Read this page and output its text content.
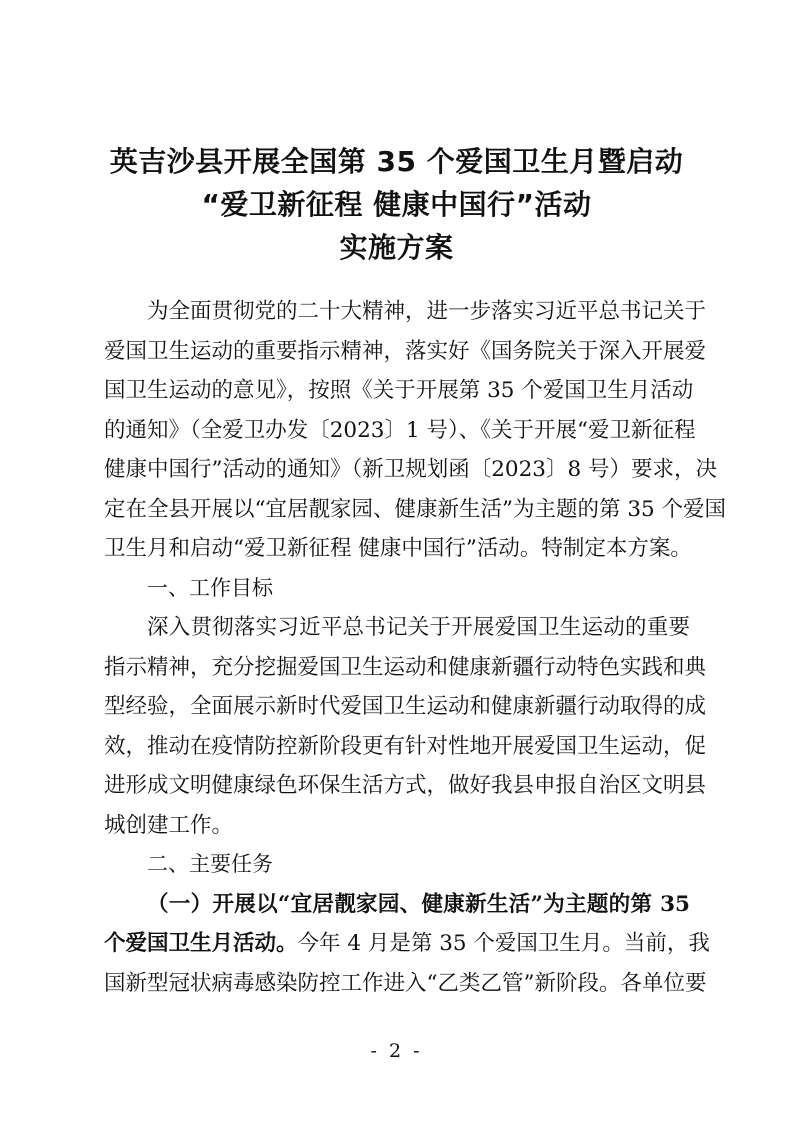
英吉沙县开展全国第 35 个爱国卫生月暨启动
“爱卫新征程 健康中国行”活动
实施方案
为全面贯彻党的二十大精神，进一步落实习近平总书记关于
爱国卫生运动的重要指示精神，落实好《国务院关于深入开展爱
国卫生运动的意见》，按照《关于开展第 35 个爱国卫生月活动
的通知》（全爱卫办发〔2023〕1 号）、《关于开展“爱卫新征程
健康中国行”活动的通知》（新卫规划函〔2023〕8 号）要求，决
定在全县开展以“宜居靓家园、健康新生活”为主题的第 35 个爱国
卫生月和启动“爱卫新征程 健康中国行”活动。特制定本方案。
一、工作目标
深入贯彻落实习近平总书记关于开展爱国卫生运动的重要
指示精神，充分挖掘爱国卫生运动和健康新疆行动特色实践和典
型经验，全面展示新时代爱国卫生运动和健康新疆行动取得的成
效，推动在疫情防控新阶段更有针对性地开展爱国卫生运动，促
进形成文明健康绿色环保生活方式，做好我县申报自治区文明县
城创建工作。
二、主要任务
（一）开展以“宜居靓家园、健康新生活”为主题的第 35
个爱国卫生月活动。今年 4 月是第 35 个爱国卫生月。当前，我
国新型冠状病毒感染防控工作进入“乙类乙管”新阶段。各单位要
- 2 -
